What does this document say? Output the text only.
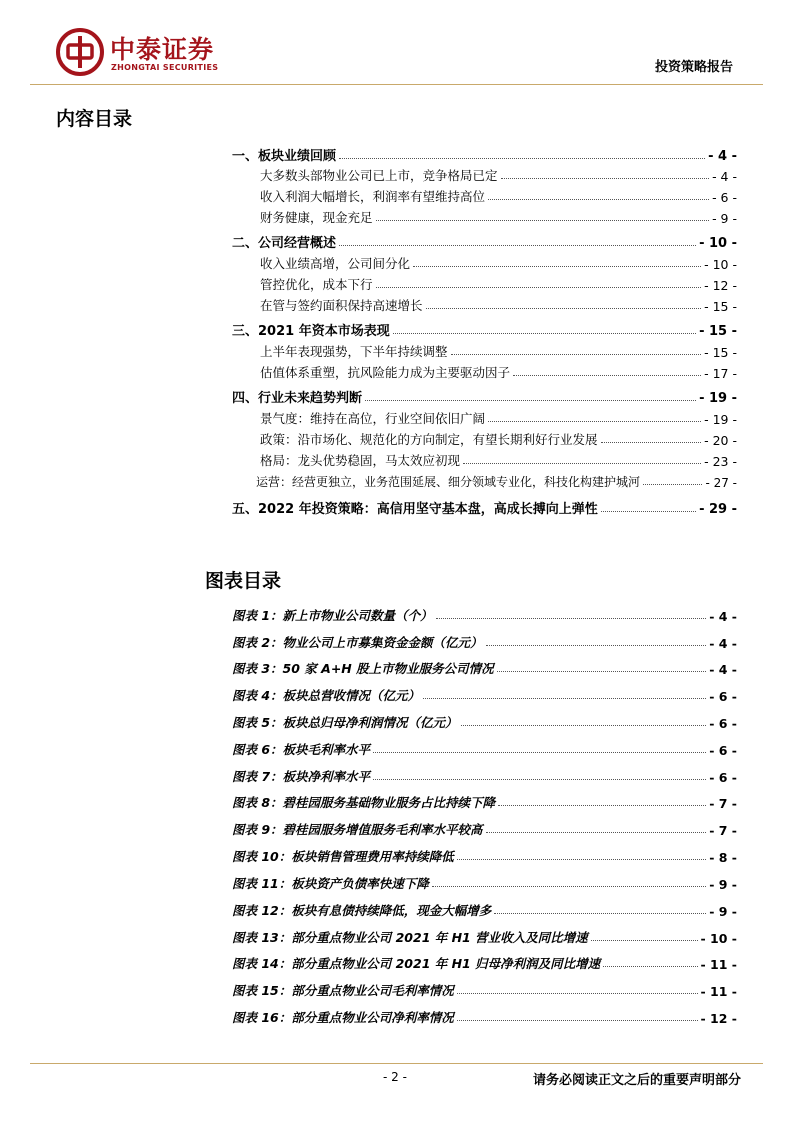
中泰证券
ZHONGTAI SECURITIES	投资策略报告
内容目录
一、板块业绩回顾	- 4 -
大多数头部物业公司已上市，竞争格局已定	- 4 -
收入利润大幅增长，利润率有望维持高位	- 6 -
财务健康，现金充足	- 9 -
二、公司经营概述	- 10 -
收入业绩高增，公司间分化	- 10 -
管控优化，成本下行	- 12 -
在管与签约面积保持高速增长	- 15 -
三、2021 年资本市场表现	- 15 -
上半年表现强势，下半年持续调整	- 15 -
估值体系重塑，抗风险能力成为主要驱动因子	- 17 -
四、行业未来趋势判断	- 19 -
景气度：维持在高位，行业空间依旧广阔	- 19 -
政策：沿市场化、规范化的方向制定，有望长期利好行业发展	- 20 -
格局：龙头优势稳固，马太效应初现	- 23 -
运营：经营更独立，业务范围延展、细分领域专业化，科技化构建护城河	- 27 -
五、2022 年投资策略：高信用坚守基本盘，高成长搏向上弹性	- 29 -
图表目录
图表 1：新上市物业公司数量（个）	- 4 -
图表 2：物业公司上市募集资金金额（亿元）	- 4 -
图表 3：50 家 A+H 股上市物业服务公司情况	- 4 -
图表 4：板块总营收情况（亿元）	- 6 -
图表 5：板块总归母净利润情况（亿元）	- 6 -
图表 6：板块毛利率水平	- 6 -
图表 7：板块净利率水平	- 6 -
图表 8：碧桂园服务基础物业服务占比持续下降	- 7 -
图表 9：碧桂园服务增值服务毛利率水平较高	- 7 -
图表 10：板块销售管理费用率持续降低	- 8 -
图表 11：板块资产负债率快速下降	- 9 -
图表 12：板块有息债持续降低，现金大幅增多	- 9 -
图表 13：部分重点物业公司 2021 年 H1 营业收入及同比增速	- 10 -
图表 14：部分重点物业公司 2021 年 H1 归母净利润及同比增速	- 11 -
图表 15：部分重点物业公司毛利率情况	- 11 -
图表 16：部分重点物业公司净利率情况	- 12 -
- 2 -	请务必阅读正文之后的重要声明部分
